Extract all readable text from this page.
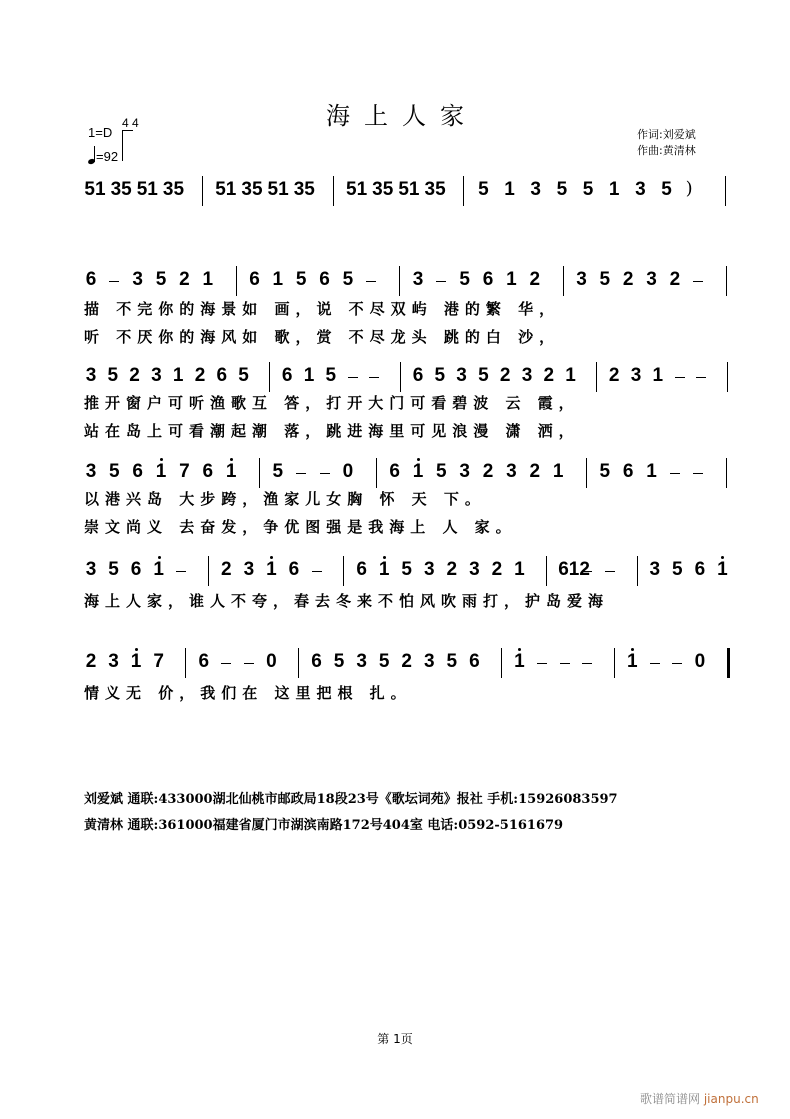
海上人家
1=D
4 4
=92
作词:刘爱斌
作曲:黄清林
51 35 51 35 51 35 51 35 51 35 51 35 5 1 3 5 5 1 3 5 )
6 3 5 2 1 6 1 5 6 5	3 5 6 1 2 3 5 2 3 2
描 不完你的海景如 画，说 不尽双屿 港的繁 华，
听 不厌你的海风如 歌，赏 不尽龙头 跳的白 沙，
3 5 2 3 1 2 6 5 6 1 5	6 5 3 5 2 3 2 1 2 3 1
推开窗户可听渔歌互 答，打开大门可看碧波 云 霞，
站在岛上可看潮起潮 落，跳进海里可见浪漫 潇 洒，
3 5 6 1 7 6 1 5	0 6 1 5 3 2 3 2 1 5 6 1
以港兴岛 大步跨，渔家儿女胸 怀 天 下。
崇文尚义 去奋发，争优图强是我海上 人 家。
3 5 6 1	2 3 1 6	6 1 5 3 2 3 2 1 612	3 5 6 1
海上人家，谁人不夸，春去冬来不怕风吹雨打，护岛爱海
2 3 1 7 6	0 6 5 3 5 2 3 5 6 1	1	0
情义无 价，我们在 这里把根 扎。
刘爱斌 通联:433000湖北仙桃市邮政局18段23号《歌坛词苑》报社 手机:15926083597
黄清林 通联:361000福建省厦门市湖滨南路172号404室 电话:0592-5161679
第 1页
歌谱简谱网 jianpu.cn
